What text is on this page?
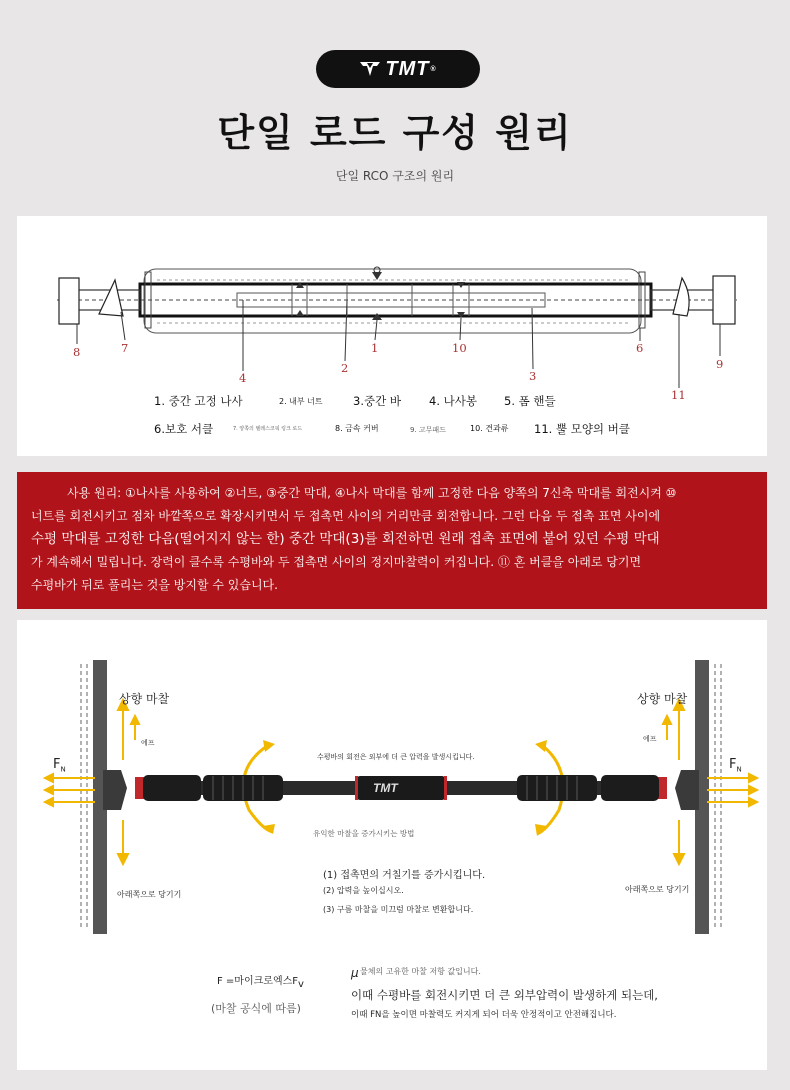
TMT ®
단일 로드 구성 원리
단일 RCO 구조의 원리
8	7
4
2
1	10
3
6
9
11
1. 중간 고정 나사	2. 내부 너트	3.중간 바 4. 나사봉 5. 폼 핸들
6.보호 서클	7. 양쪽의 텔레스코픽 링크 로드	8. 금속 커버	9. 고무패드	10. 견과류 11. 뿔 모양의 버클
사용 원리: ①나사를 사용하여 ②너트, ③중간 막대, ④나사 막대를 함께 고정한 다음 양쪽의 7신축 막대를 회전시켜 ⑩
너트를 회전시키고 점차 바깥쪽으로 확장시키면서 두 접촉면 사이의 거리만큼 회전합니다. 그런 다음 두 접촉 표면 사이에
수평 막대를 고정한 다음(떨어지지 않는 한) 중간 막대(3)를 회전하면 원래 접촉 표면에 붙어 있던 수평 막대
가 계속해서 밀립니다. 장력이 클수록 수평바와 두 접촉면 사이의 정지마찰력이 커집니다. ⑪ 혼 버클을 아래로 당기면
수평바가 뒤로 풀리는 것을 방지할 수 있습니다.
상향 마찰	상향 마찰
에프	에프
$F_N$	$F_N$
아래쪽으로 당기기
아래쪽으로 당기기
수평바의 회전은 외부에 더 큰 압력을 발생시킵니다.
TMT
유익한 마찰을 증가시키는 방법
(1) 접촉면의 거칠기를 증가시킵니다.
(2) 압력을 높이십시오.
(3) 구름 마찰을 미끄럼 마찰로 변환합니다.
F =마이크로엑스$F_v$
(마찰 공식에 따름)
μ 물체의 고유한 마찰 저항 값입니다.
이때 수평바를 회전시키면 더 큰 외부압력이 발생하게 되는데,
이때 FN을 높이면 마찰력도 커지게 되어 더욱 안정적이고 안전해집니다.
